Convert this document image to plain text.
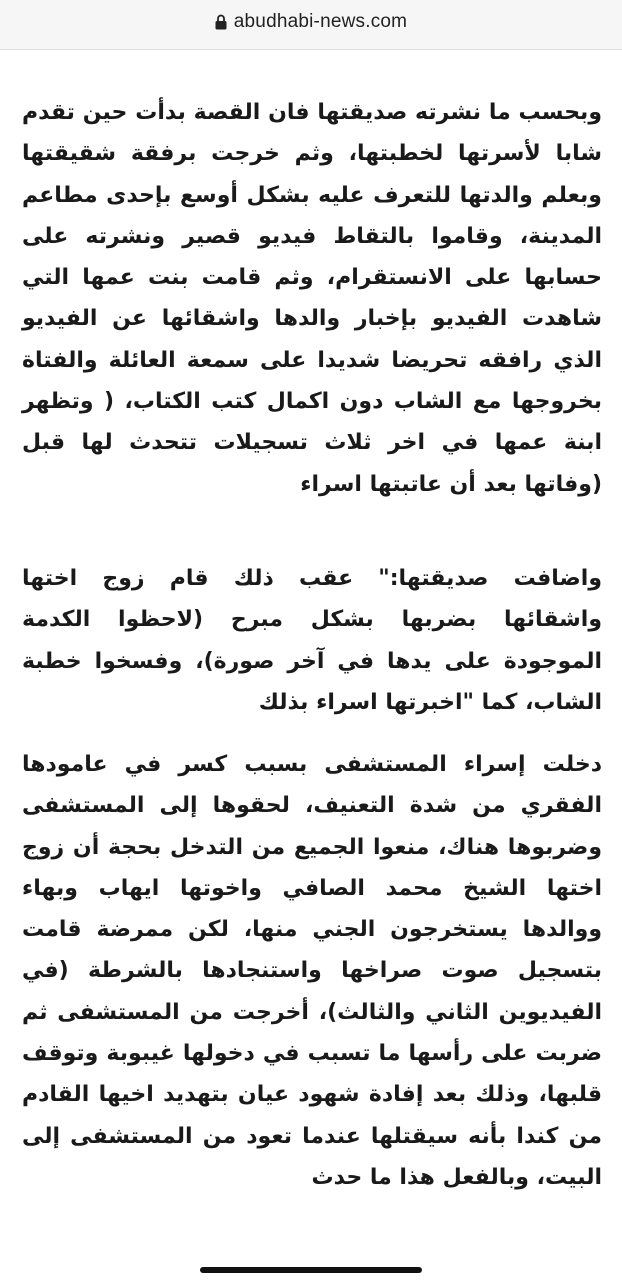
abudhabi-news.com

وبحسب ما نشرته صديقتها فان القصة بدأت حين تقدم شابا لأسرتها لخطبتها، وثم خرجت برفقة شقيقتها وبعلم والدتها للتعرف عليه بشكل أوسع بإحدى مطاعم المدينة، وقاموا بالتقاط فيديو قصير ونشرته على حسابها على الانستقرام، وثم قامت بنت عمها التي شاهدت الفيديو بإخبار والدها واشقائها عن الفيديو الذي رافقه تحريضا شديدا على سمعة العائلة والفتاة بخروجها مع الشاب دون اكمال كتب الكتاب، ( وتظهر ابنة عمها في اخر ثلاث تسجيلات تتحدث لها قبل (وفاتها بعد أن عاتبتها اسراء

واضافت صديقتها:" عقب ذلك قام زوج اختها واشقائها بضربها بشكل مبرح (لاحظوا الكدمة الموجودة على يدها في آخر صورة)، وفسخوا خطبة الشاب، كما "اخبرتها اسراء بذلك

دخلت إسراء المستشفى بسبب كسر في عامودها الفقري من شدة التعنيف، لحقوها إلى المستشفى وضربوها هناك، منعوا الجميع من التدخل بحجة أن زوج اختها الشيخ محمد الصافي واخوتها ايهاب وبهاء ووالدها يستخرجون الجني منها، لكن ممرضة قامت بتسجيل صوت صراخها واستنجادها بالشرطة (في الفيديوين الثاني والثالث)، أخرجت من المستشفى ثم ضربت على رأسها ما تسبب في دخولها غيبوبة وتوقف قلبها، وذلك بعد إفادة شهود عيان بتهديد اخيها القادم من كندا بأنه سيقتلها عندما تعود من المستشفى إلى البيت، وبالفعل هذا ما حدث
